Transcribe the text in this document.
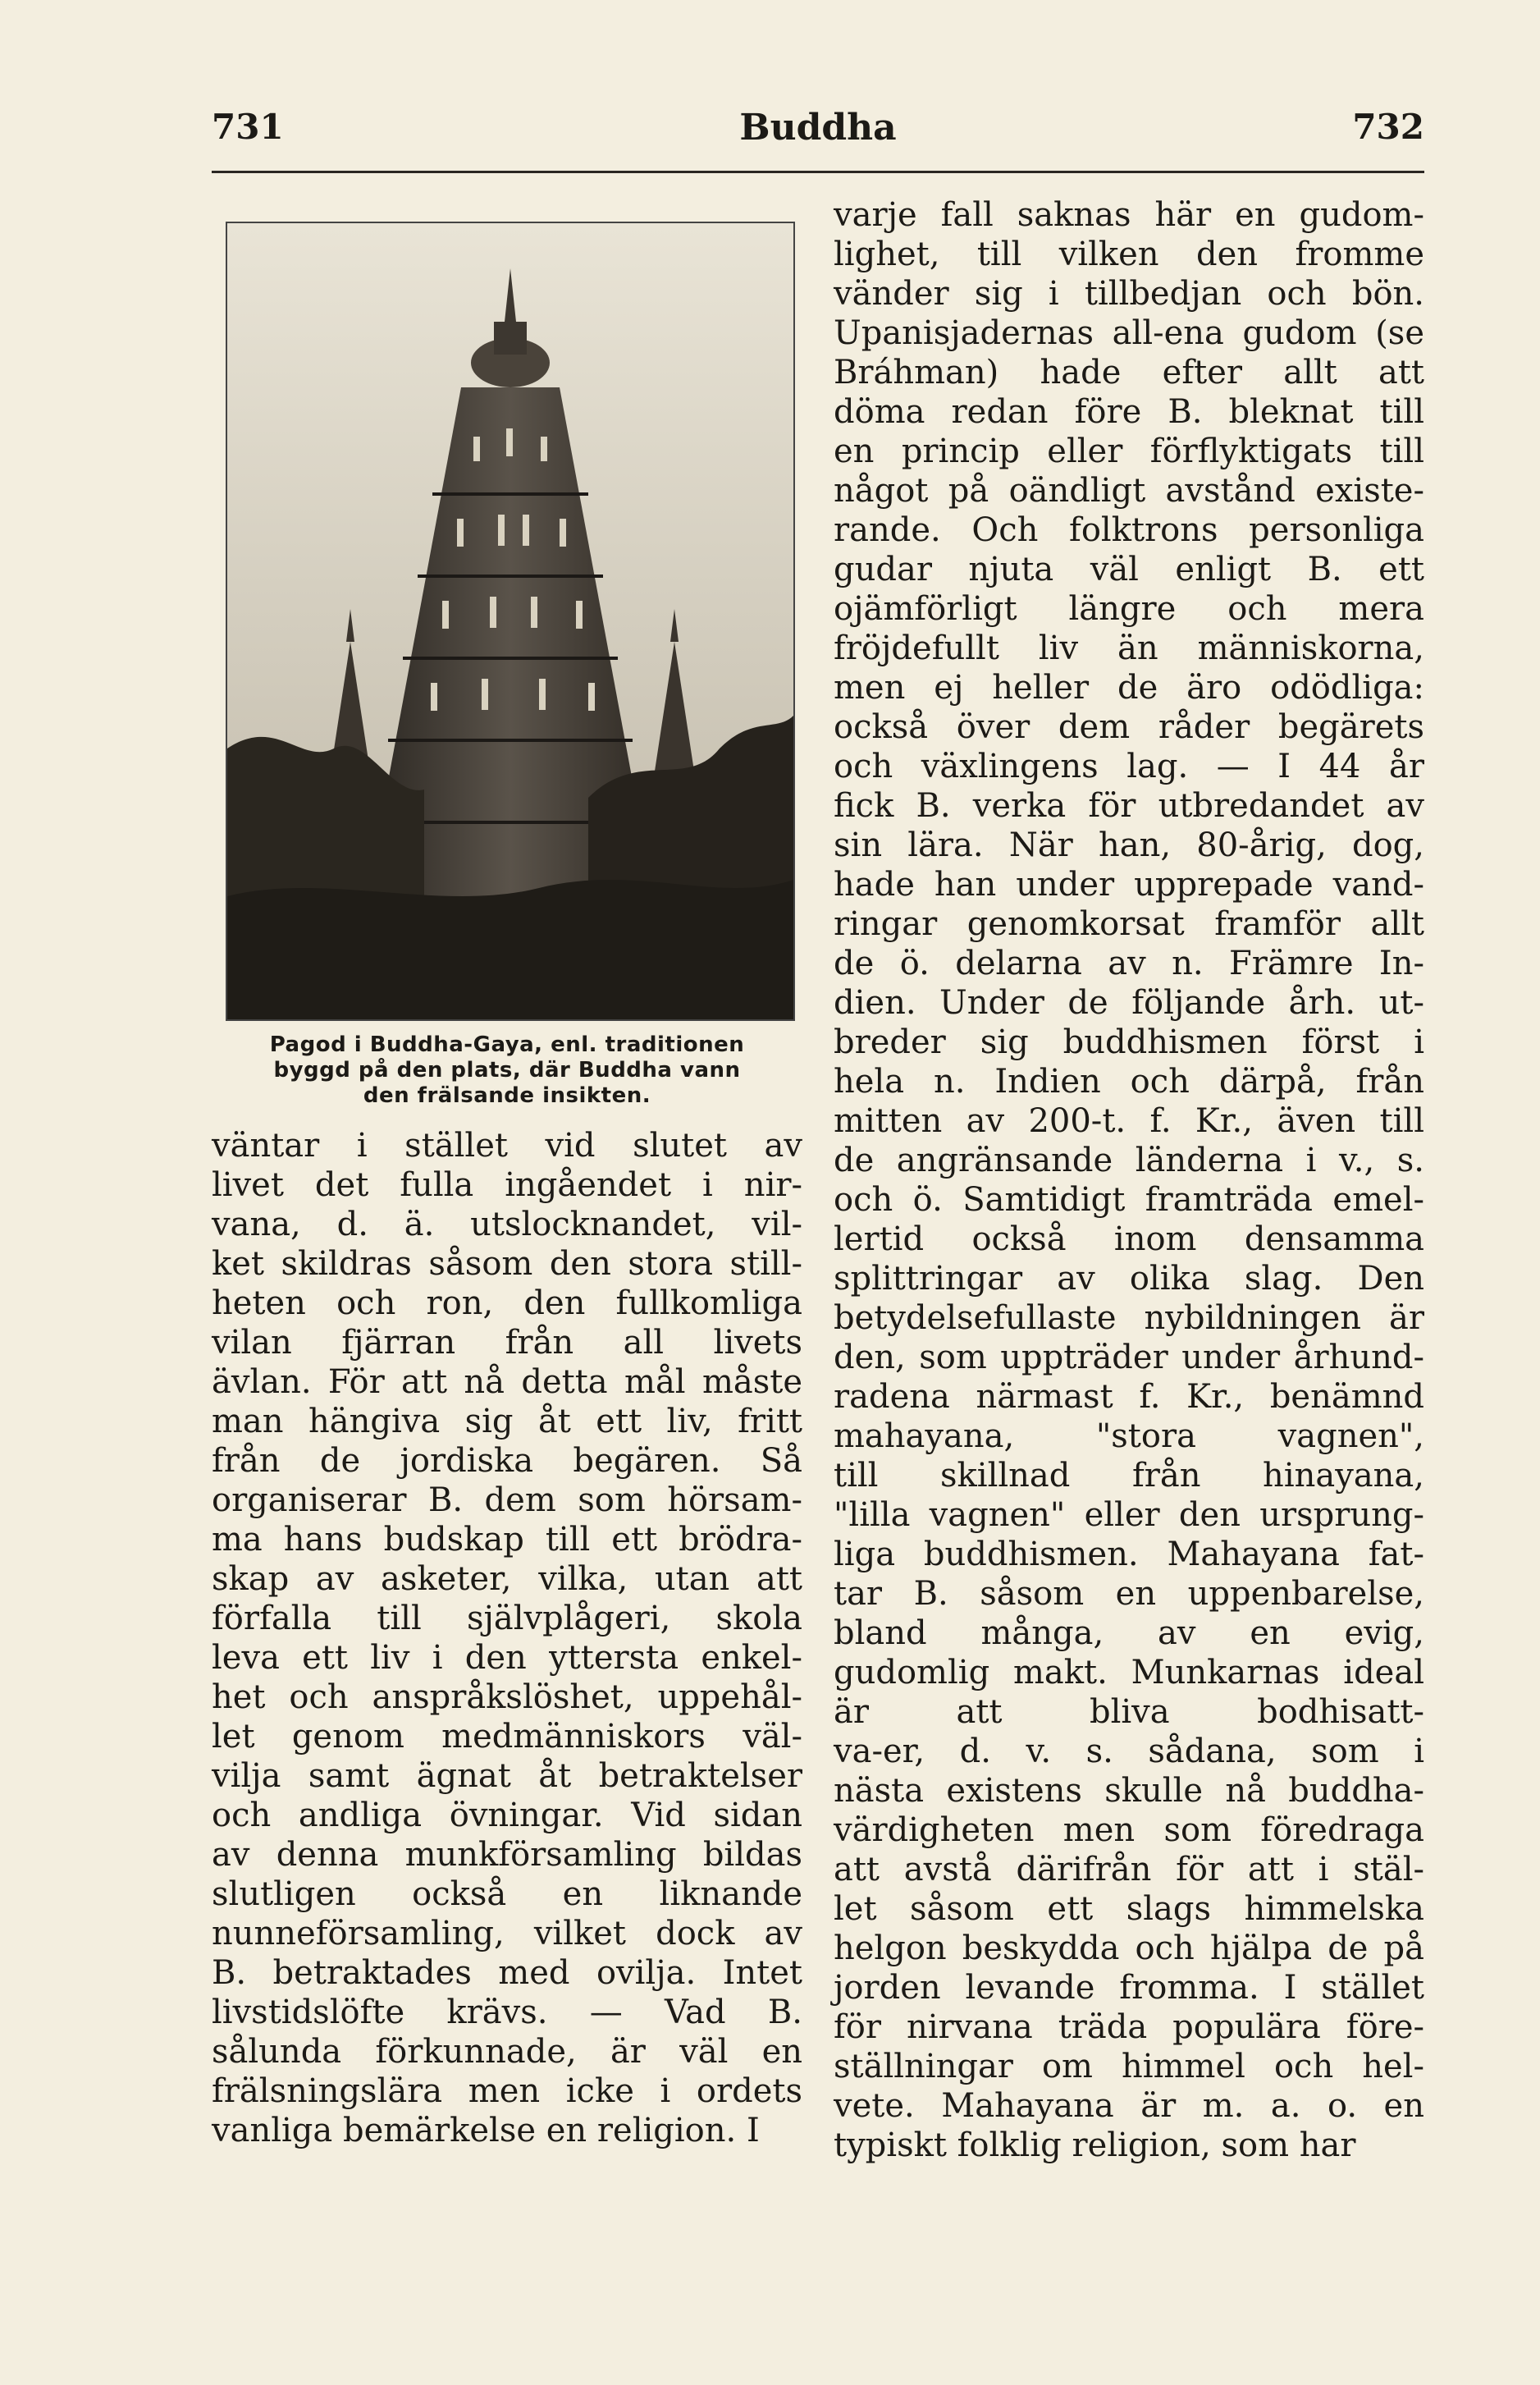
731	Buddha	732
Pagod i Buddha-Gaya, enl. traditionen
byggd på den plats, där Buddha vann
den frälsande insikten.
väntar i stället vid slutet av
livet det fulla ingåendet i nir-
vana, d. ä. utslocknandet, vil-
ket skildras såsom den stora still-
heten och ron, den fullkomliga
vilan fjärran från all livets
ävlan. För att nå detta mål måste
man hängiva sig åt ett liv, fritt
från de jordiska begären. Så
organiserar B. dem som hörsam-
ma hans budskap till ett brödra-
skap av asketer, vilka, utan att
förfalla till självplågeri, skola
leva ett liv i den yttersta enkel-
het och anspråkslöshet, uppehål-
let genom medmänniskors väl-
vilja samt ägnat åt betraktelser
och andliga övningar. Vid sidan
av denna munkförsamling bildas
slutligen också en liknande
nunneförsamling, vilket dock av
B. betraktades med ovilja. Intet
livstidslöfte krävs. — Vad B.
sålunda förkunnade, är väl en
frälsningslära men icke i ordets
vanliga bemärkelse en religion. I
varje fall saknas här en gudom-
lighet, till vilken den fromme
vänder sig i tillbedjan och bön.
Upanisjadernas all-ena gudom (se
Bráhman) hade efter allt att
döma redan före B. bleknat till
en princip eller förflyktigats till
något på oändligt avstånd existe-
rande. Och folktrons personliga
gudar njuta väl enligt B. ett
ojämförligt längre och mera
fröjdefullt liv än människorna,
men ej heller de äro odödliga:
också över dem råder begärets
och växlingens lag. — I 44 år
fick B. verka för utbredandet av
sin lära. När han, 80-årig, dog,
hade han under upprepade vand-
ringar genomkorsat framför allt
de ö. delarna av n. Främre In-
dien. Under de följande årh. ut-
breder sig buddhismen först i
hela n. Indien och därpå, från
mitten av 200-t. f. Kr., även till
de angränsande länderna i v., s.
och ö. Samtidigt framträda emel-
lertid också inom densamma
splittringar av olika slag. Den
betydelsefullaste nybildningen är
den, som uppträder under århund-
radena närmast f. Kr., benämnd
mahayana, "stora vagnen",
till skillnad från hinayana,
"lilla vagnen" eller den ursprung-
liga buddhismen. Mahayana fat-
tar B. såsom en uppenbarelse,
bland många, av en evig,
gudomlig makt. Munkarnas ideal
är att bliva bodhisatt-
va-er, d. v. s. sådana, som i
nästa existens skulle nå buddha-
värdigheten men som föredraga
att avstå därifrån för att i stäl-
let såsom ett slags himmelska
helgon beskydda och hjälpa de på
jorden levande fromma. I stället
för nirvana träda populära före-
ställningar om himmel och hel-
vete. Mahayana är m. a. o. en
typiskt folklig religion, som har
